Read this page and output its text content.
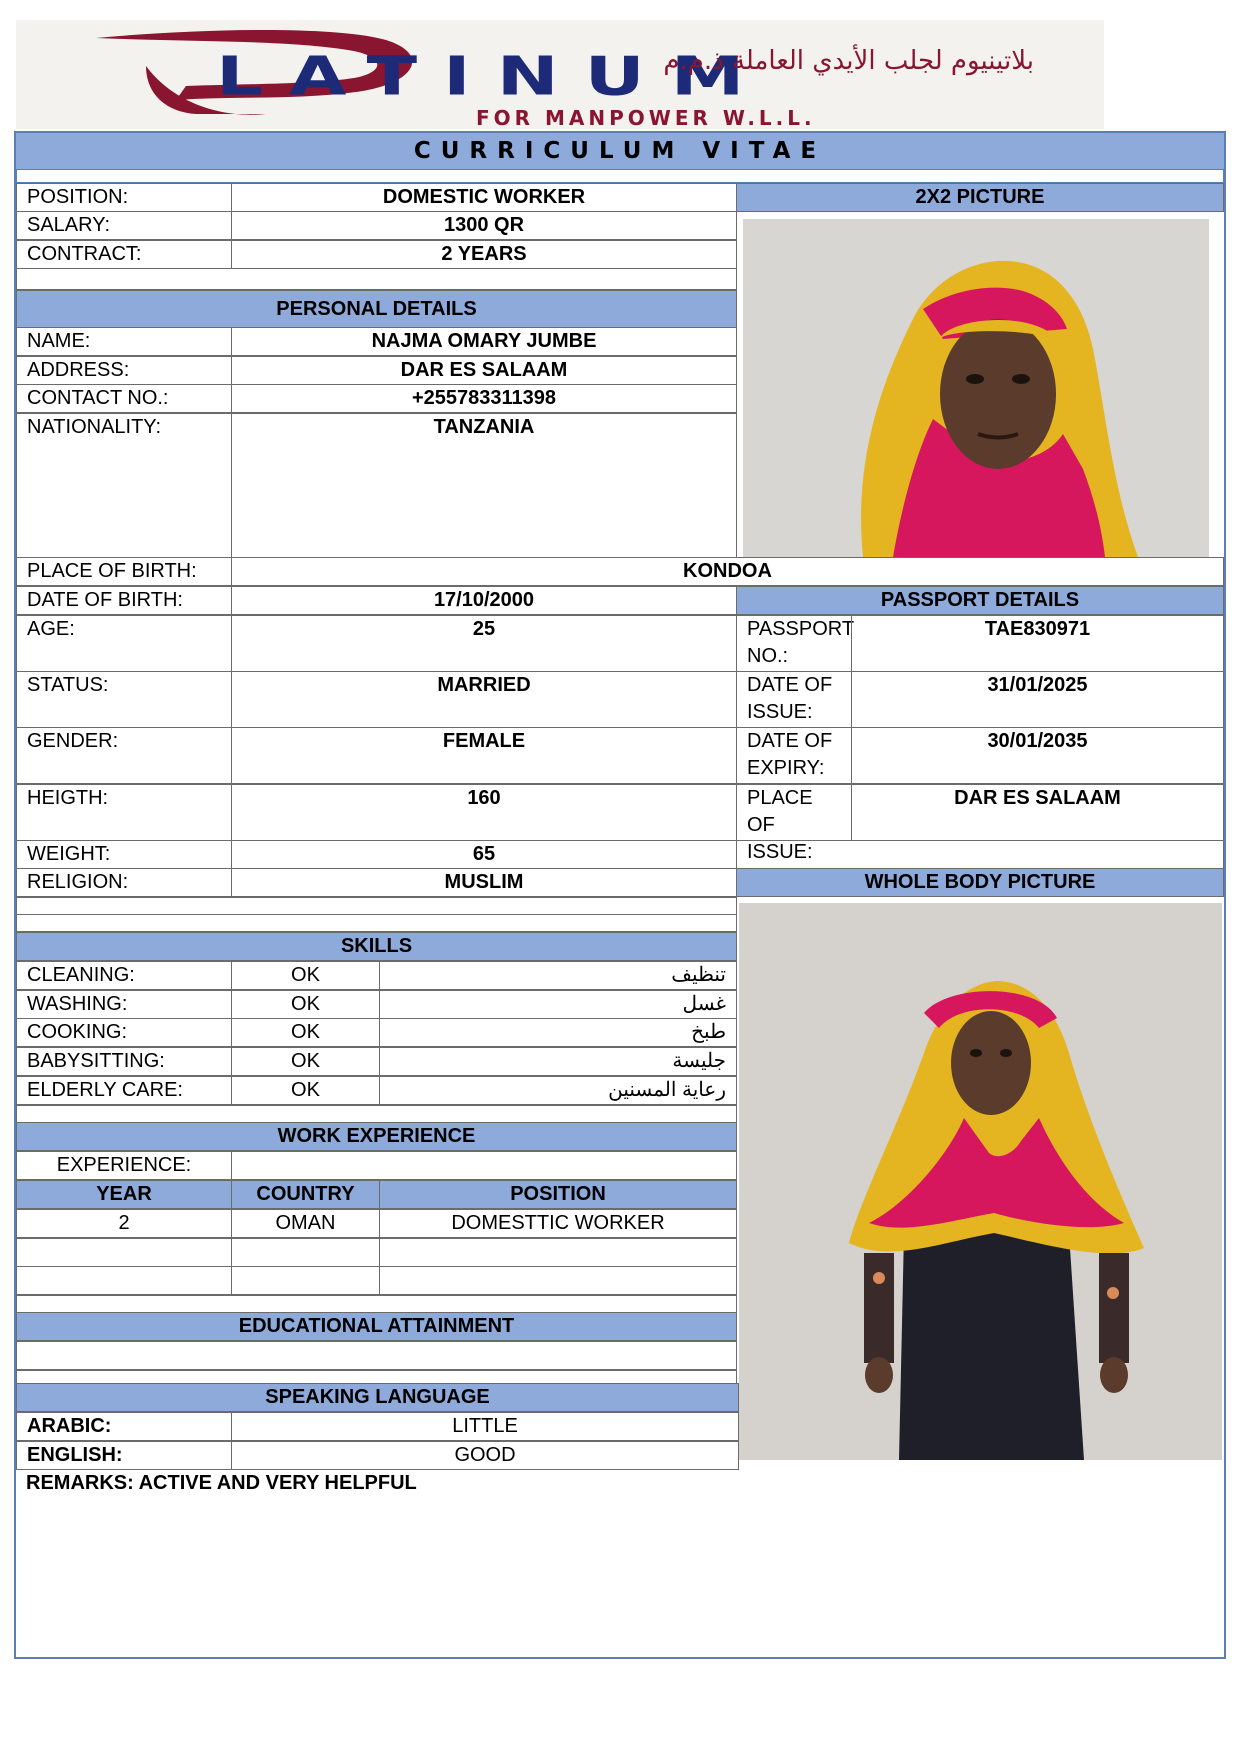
LATINUM
بلاتينيوم لجلب الأيدي العاملة ذ.م.م
FOR MANPOWER W.L.L.
CURRICULUM VITAE
POSITION:	DOMESTIC WORKER	2X2 PICTURE
SALARY:	1300 QR
CONTRACT:	2 YEARS
PERSONAL DETAILS
NAME:	NAJMA OMARY JUMBE
ADDRESS:	DAR ES SALAAM
CONTACT NO.:	+255783311398
NATIONALITY:	TANZANIA
PLACE OF BIRTH:	KONDOA
DATE OF BIRTH:	17/10/2000	PASSPORT DETAILS
AGE:	25
STATUS:	MARRIED
GENDER:	FEMALE
HEIGTH:	160
WEIGHT:	65
RELIGION:	MUSLIM
PASSPORT NO.:
TAE830971
DATE OF ISSUE:
31/01/2025
DATE OF EXPIRY:
30/01/2035
PLACE OF ISSUE:
DAR ES SALAAM
WHOLE BODY PICTURE
SKILLS
CLEANING:	OK	تنظيف
WASHING:	OK	غسل
COOKING:	OK	طبخ
BABYSITTING:	OK	جليسة
ELDERLY CARE:	OK	رعاية المسنين
WORK EXPERIENCE
EXPERIENCE:
YEAR	COUNTRY	POSITION
2	OMAN	DOMESTTIC WORKER
EDUCATIONAL ATTAINMENT
SPEAKING LANGUAGE
ARABIC:	LITTLE
ENGLISH:	GOOD
REMARKS: ACTIVE AND VERY HELPFUL
